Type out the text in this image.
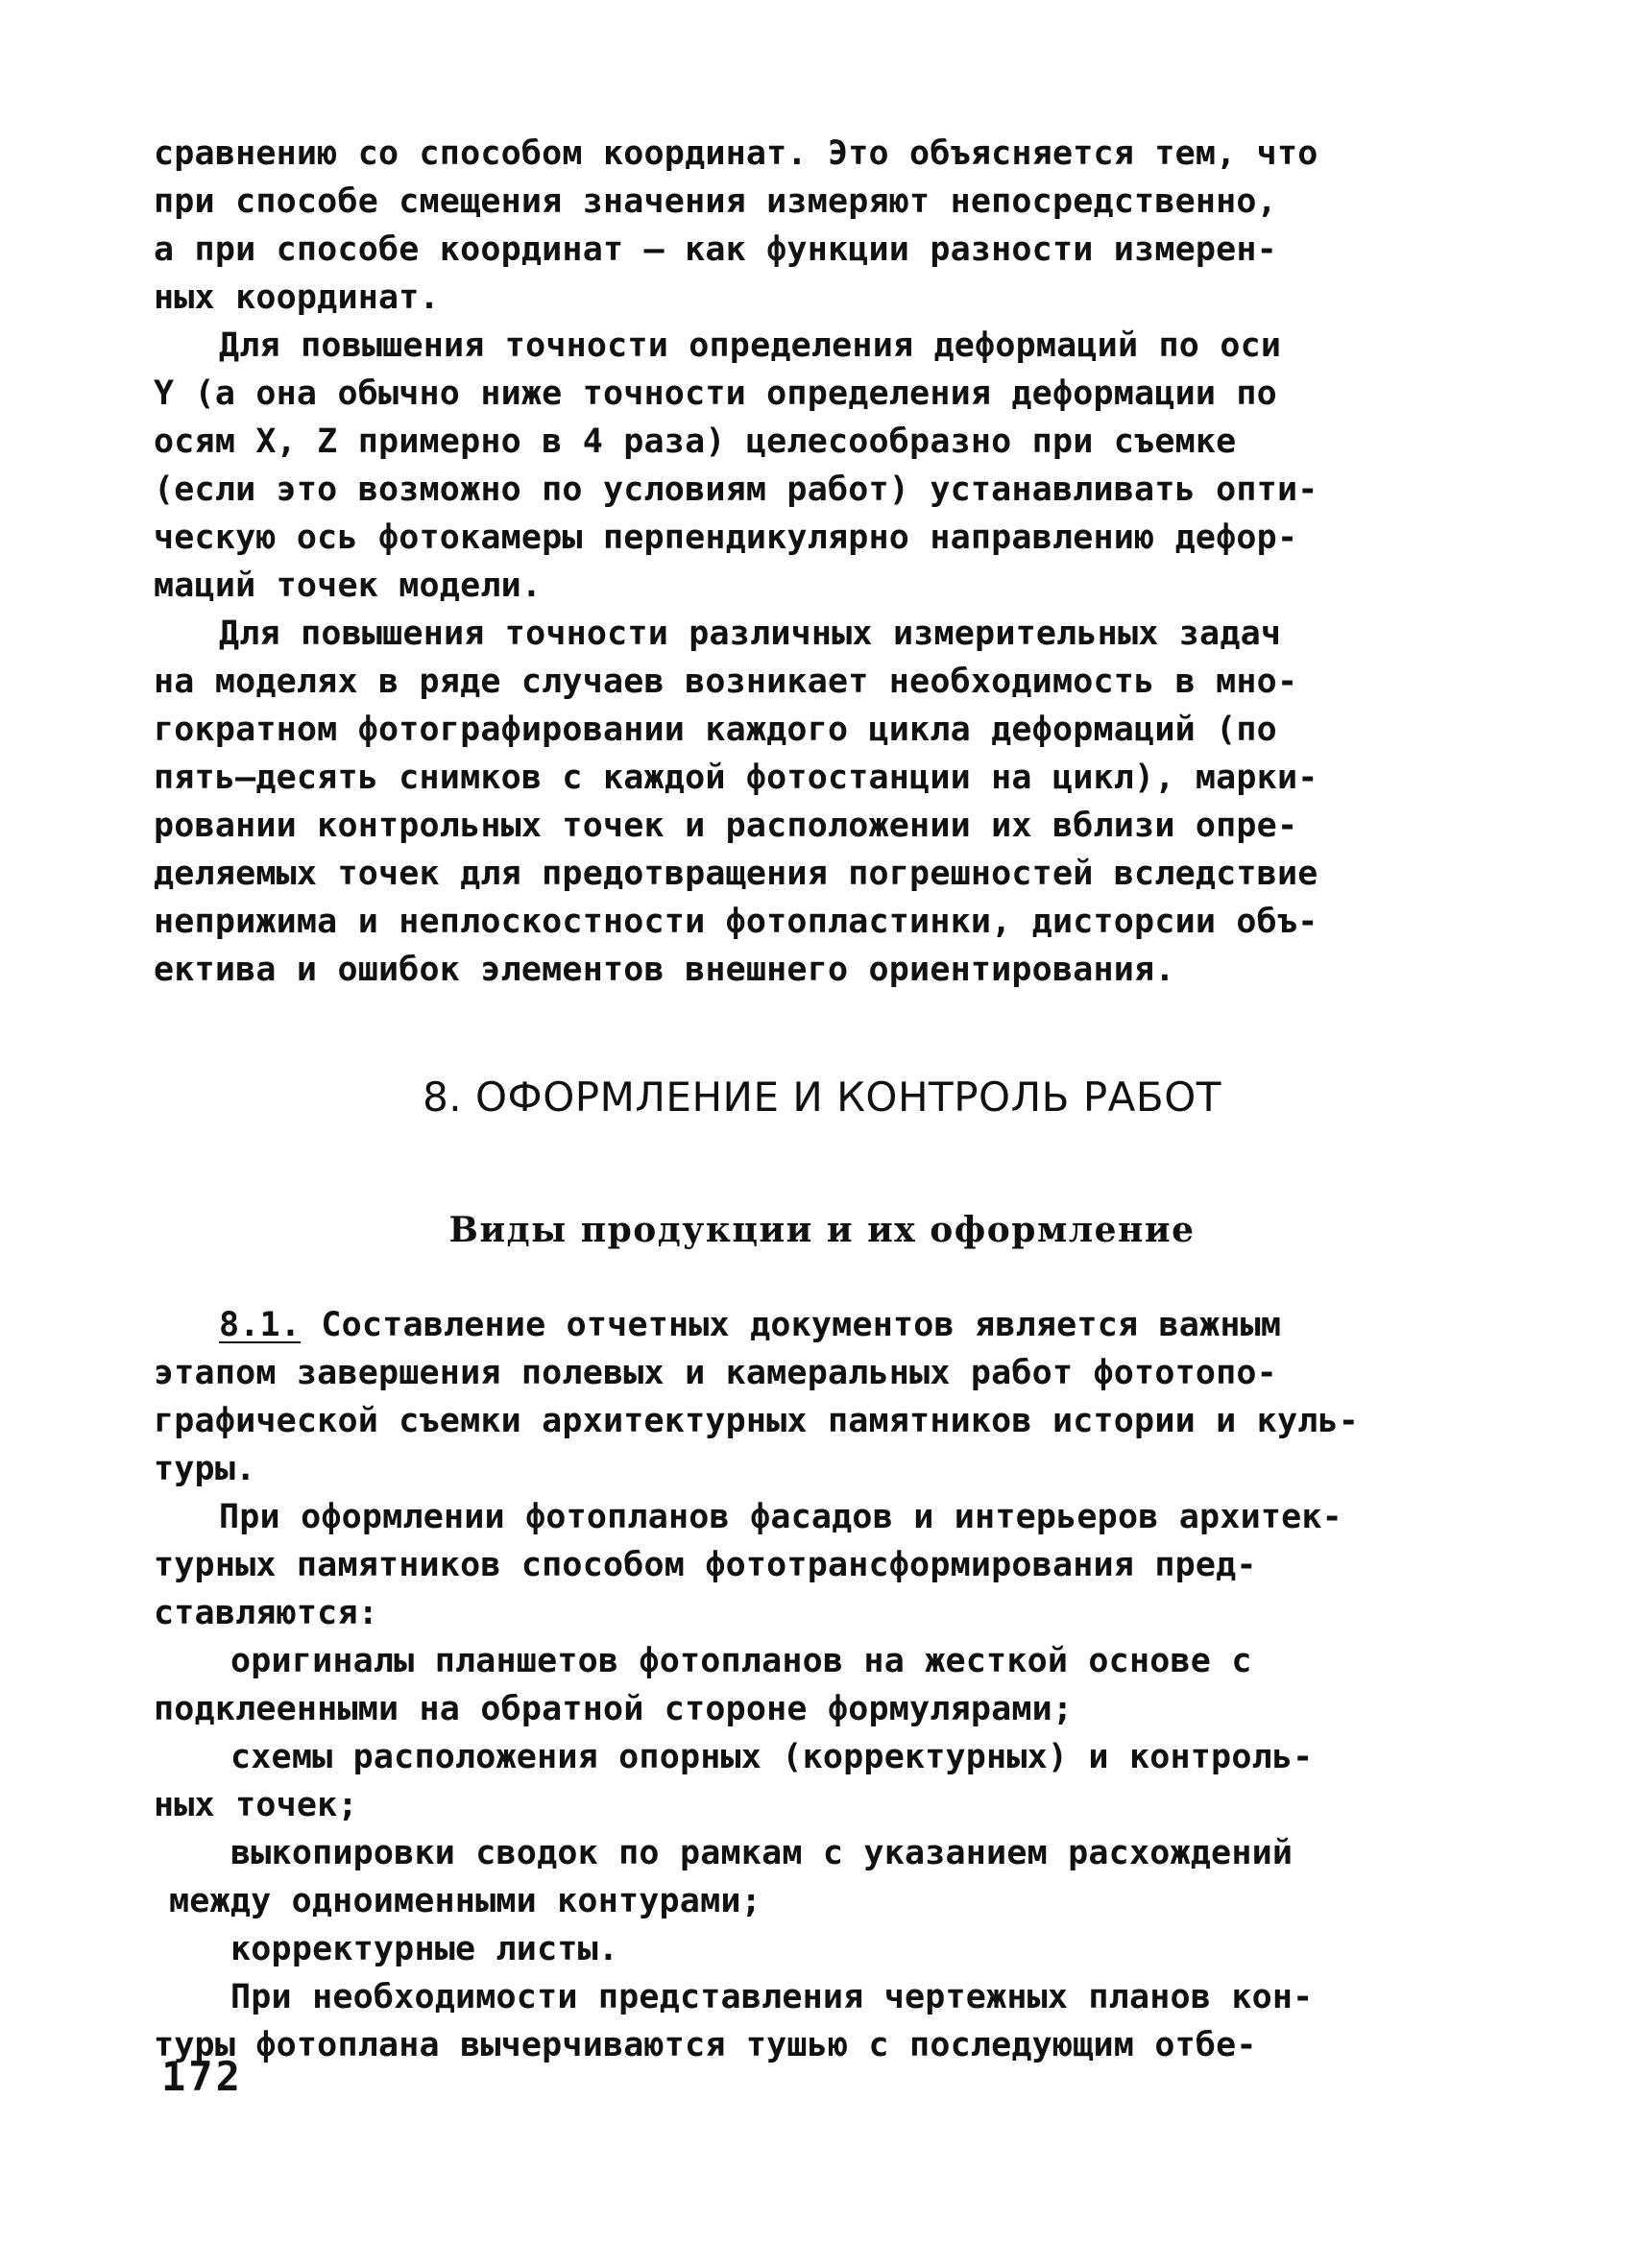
сравнению со способом координат. Это объясняется тем, что
при способе смещения значения измеряют непосредственно,
а при способе координат – как функции разности измерен-
ных координат.
Для повышения точности определения деформаций по оси
Y (а она обычно ниже точности определения деформации по
осям X, Z примерно в 4 раза) целесообразно при съемке
(если это возможно по условиям работ) устанавливать опти-
ческую ось фотокамеры перпендикулярно направлению дефор-
маций точек модели.
Для повышения точности различных измерительных задач
на моделях в ряде случаев возникает необходимость в мно-
гократном фотографировании каждого цикла деформаций (по
пять–десять снимков с каждой фотостанции на цикл), марки-
ровании контрольных точек и расположении их вблизи опре-
деляемых точек для предотвращения погрешностей вследствие
неприжима и неплоскостности фотопластинки, дисторсии объ-
ектива и ошибок элементов внешнего ориентирования.
8. ОФОРМЛЕНИЕ И КОНТРОЛЬ РАБОТ
Виды продукции и их оформление
8.1. Составление отчетных документов является важным
этапом завершения полевых и камеральных работ фототопо-
графической съемки архитектурных памятников истории и куль-
туры.
При оформлении фотопланов фасадов и интерьеров архитек-
турных памятников способом фототрансформирования пред-
ставляются:
оригиналы планшетов фотопланов на жесткой основе с
подклеенными на обратной стороне формулярами;
схемы расположения опорных (корректурных) и контроль-
ных точек;
выкопировки сводок по рамкам с указанием расхождений
между одноименными контурами;
корректурные листы.
При необходимости представления чертежных планов кон-
туры фотоплана вычерчиваются тушью с последующим отбе-
172
